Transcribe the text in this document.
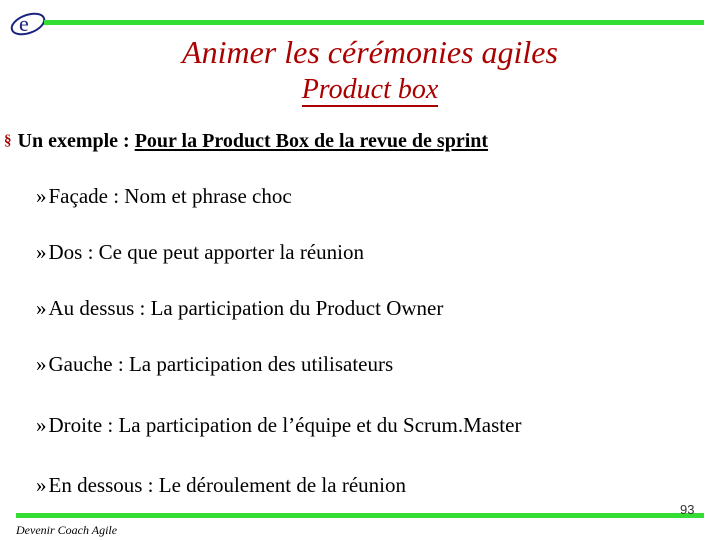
e
Animer les cérémonies agiles
Product box
§ Un exemple : Pour la Product Box de la revue de sprint
»Façade : Nom et phrase choc
»Dos : Ce que peut apporter la réunion
»Au dessus : La participation du Product Owner
»Gauche : La participation des utilisateurs
»Droite : La participation de l’équipe et du Scrum.Master
»En dessous : Le déroulement de la réunion
Devenir Coach Agile
93
